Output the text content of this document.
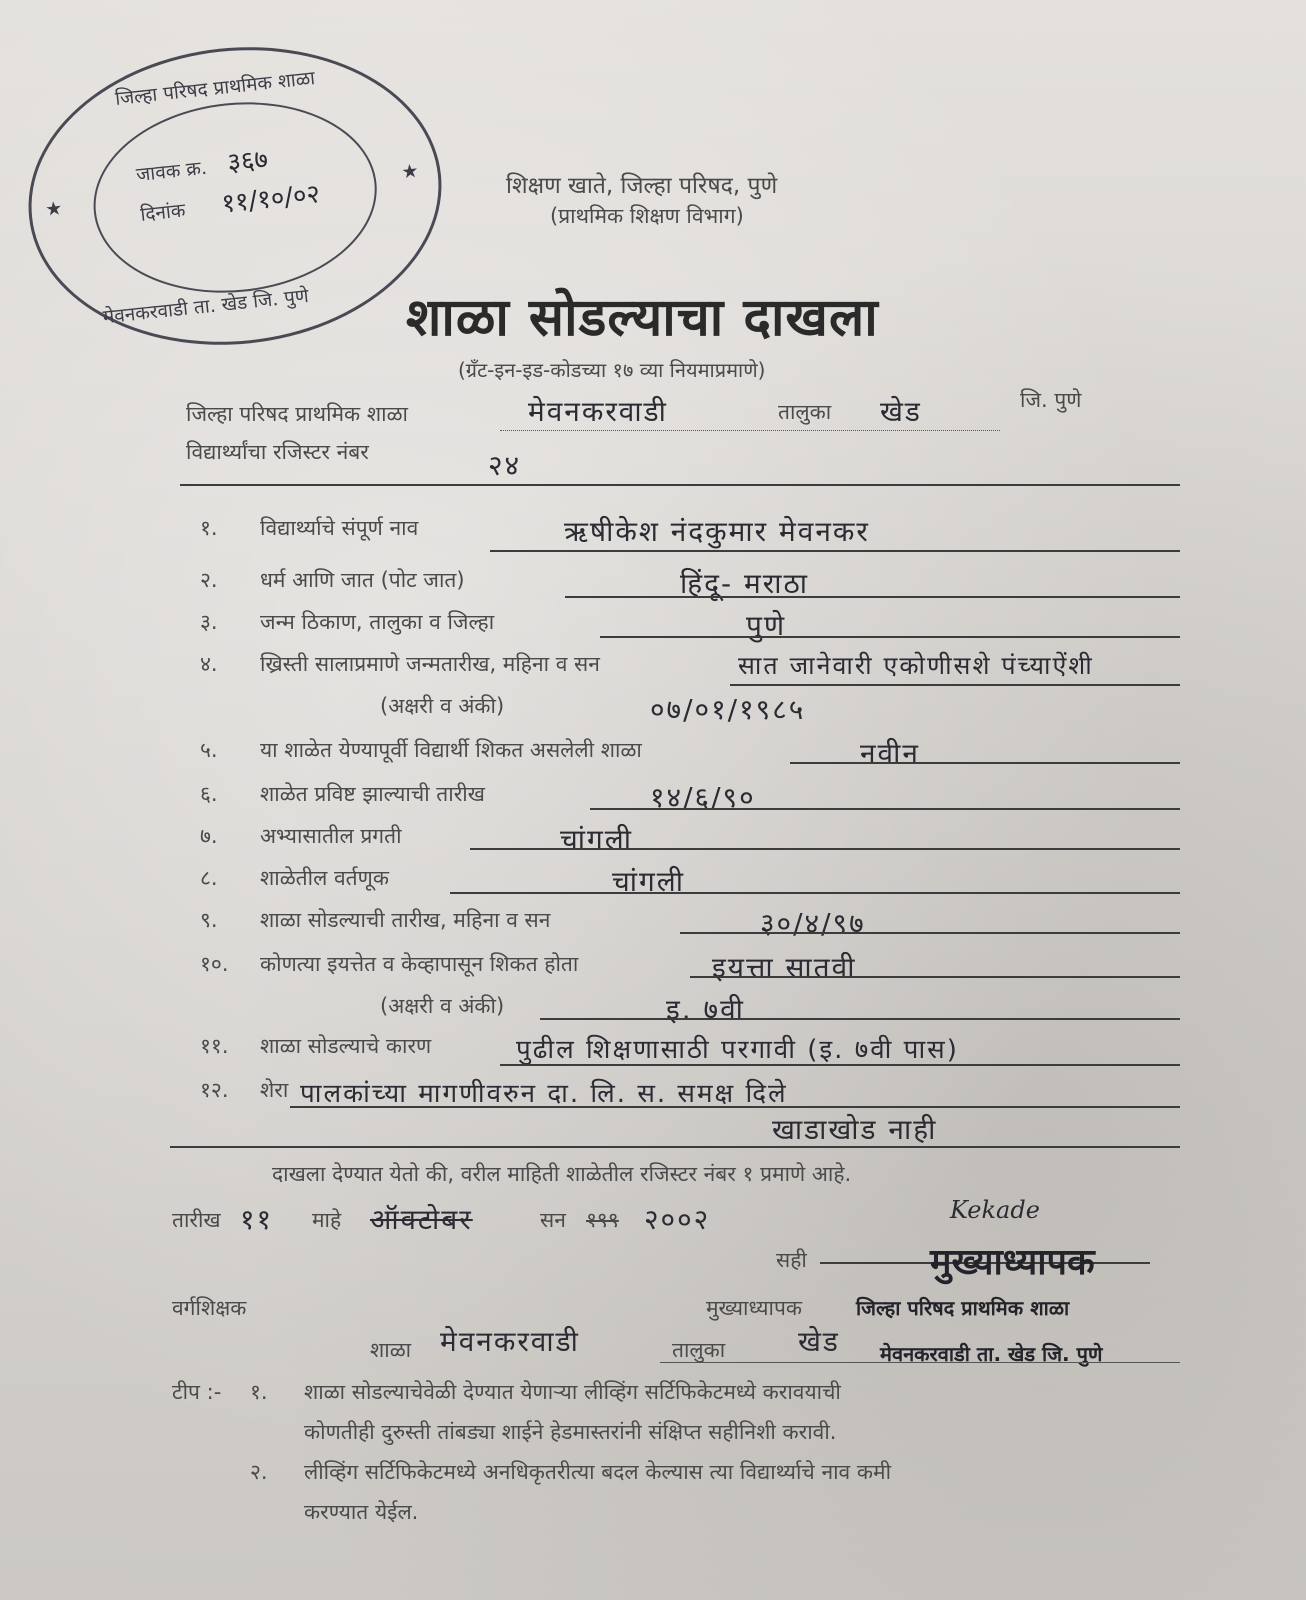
जिल्हा परिषद प्राथमिक शाळा
★
★
जावक क्र. ३६७
दिनांक ११/१०/०२
मेवनकरवाडी ता. खेड जि. पुणे
शिक्षण खाते, जिल्हा परिषद, पुणे
(प्राथमिक शिक्षण विभाग)
शाळा सोडल्याचा दाखला
(ग्रँट-इन-इड-कोडच्या १७ व्या नियमाप्रमाणे)
जिल्हा परिषद प्राथमिक शाळा	मेवनकरवाडी	तालुका खेड	जि. पुणे
विद्यार्थ्यांचा रजिस्टर नंबर	२४
१. विद्यार्थ्याचे संपूर्ण नाव	ऋषीकेश नंदकुमार मेवनकर
२. धर्म आणि जात (पोट जात)	हिंदू- मराठा
३. जन्म ठिकाण, तालुका व जिल्हा	पुणे
४. ख्रिस्ती सालाप्रमाणे जन्मतारीख, महिना व सन	सात जानेवारी एकोणीसशे पंच्याऐंशी
(अक्षरी व अंकी)	०७/०१/१९८५
५. या शाळेत येण्यापूर्वी विद्यार्थी शिकत असलेली शाळा	नवीन
६. शाळेत प्रविष्ट झाल्याची तारीख	१४/६/९०
७. अभ्यासातील प्रगती	चांगली
८. शाळेतील वर्तणूक	चांगली
९. शाळा सोडल्याची तारीख, महिना व सन	३०/४/९७
१०. कोणत्या इयत्तेत व केव्हापासून शिकत होता	इयत्ता सातवी
(अक्षरी व अंकी)	इ. ७वी
११. शाळा सोडल्याचे कारण	पुढील शिक्षणासाठी परगावी (इ. ७वी पास)
१२. शेरा पालकांच्या मागणीवरुन दा. लि. स. समक्ष दिले
खाडाखोड नाही
दाखला देण्यात येतो की, वरील माहिती शाळेतील रजिस्टर नंबर १ प्रमाणे आहे.
तारीख ११ माहे ऑक्टोबर	सन १९९ २००२	Kekade
सही	मुख्याध्यापक
वर्गशिक्षक	मुख्याध्यापक	जिल्हा परिषद प्राथमिक शाळा
शाळा मेवनकरवाडी	तालुका	खेड मेवनकरवाडी ता. खेड जि. पुणे
टीप :- १. शाळा सोडल्याचेवेळी देण्यात येणाऱ्या लीव्हिंग सर्टिफिकेटमध्ये करावयाची
कोणतीही दुरुस्ती तांबड्या शाईने हेडमास्तरांनी संक्षिप्त सहीनिशी करावी.
२. लीव्हिंग सर्टिफिकेटमध्ये अनधिकृतरीत्या बदल केल्यास त्या विद्यार्थ्याचे नाव कमी
करण्यात येईल.
